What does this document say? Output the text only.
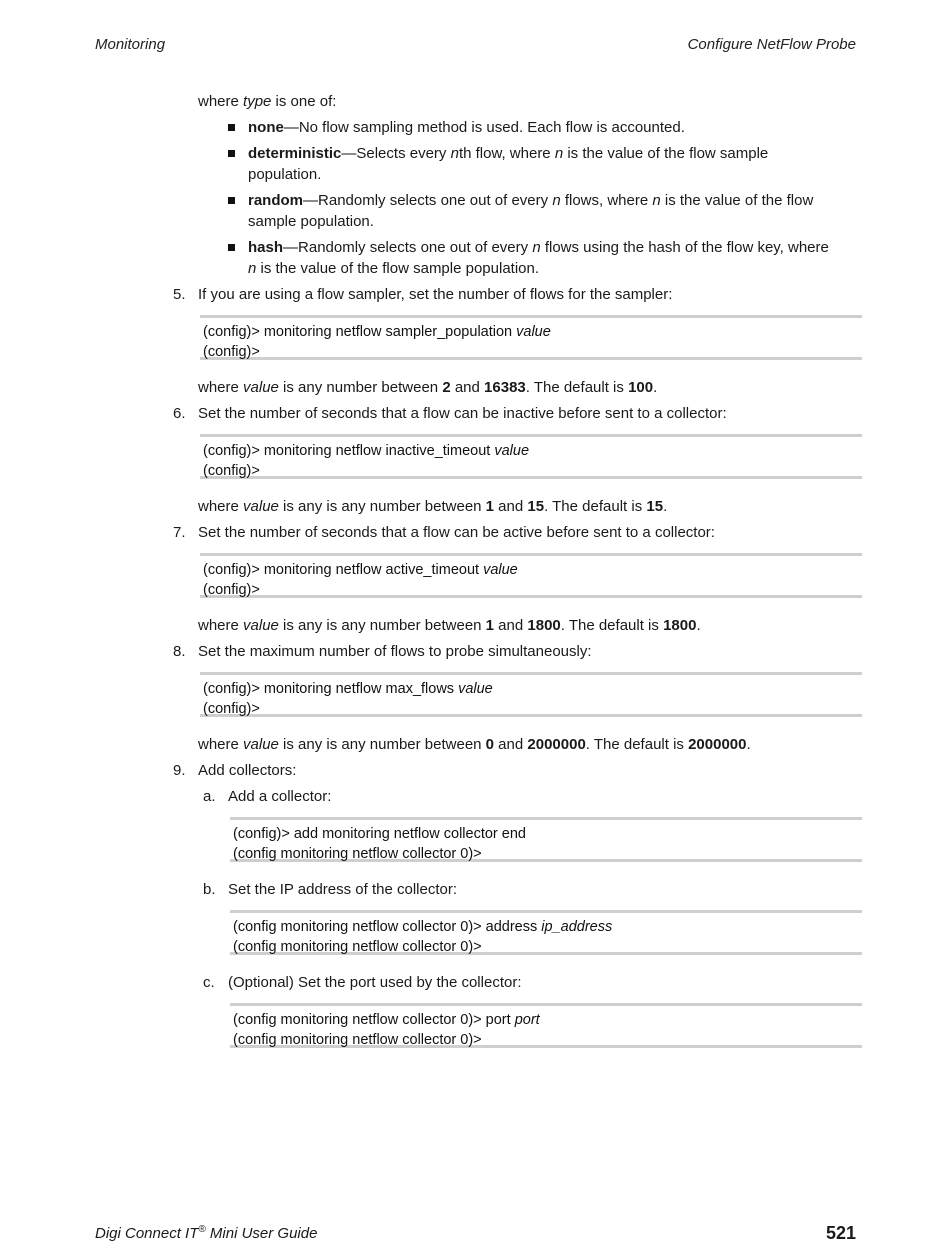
Monitoring	Configure NetFlow Probe
where type is one of:
none—No flow sampling method is used. Each flow is accounted.
deterministic—Selects every nth flow, where n is the value of the flow sample
population.
random—Randomly selects one out of every n flows, where n is the value of the flow
sample population.
hash—Randomly selects one out of every n flows using the hash of the flow key, where
n is the value of the flow sample population.
5. If you are using a flow sampler, set the number of flows for the sampler:
(config)> monitoring netflow sampler_population value
(config)>
where value is any number between 2 and 16383. The default is 100.
6. Set the number of seconds that a flow can be inactive before sent to a collector:
(config)> monitoring netflow inactive_timeout value
(config)>
where value is any is any number between 1 and 15. The default is 15.
7. Set the number of seconds that a flow can be active before sent to a collector:
(config)> monitoring netflow active_timeout value
(config)>
where value is any is any number between 1 and 1800. The default is 1800.
8. Set the maximum number of flows to probe simultaneously:
(config)> monitoring netflow max_flows value
(config)>
where value is any is any number between 0 and 2000000. The default is 2000000.
9. Add collectors:
a. Add a collector:
(config)> add monitoring netflow collector end
(config monitoring netflow collector 0)>
b. Set the IP address of the collector:
(config monitoring netflow collector 0)> address ip_address
(config monitoring netflow collector 0)>
c. (Optional) Set the port used by the collector:
(config monitoring netflow collector 0)> port port
(config monitoring netflow collector 0)>
Digi Connect IT® Mini User Guide	521
